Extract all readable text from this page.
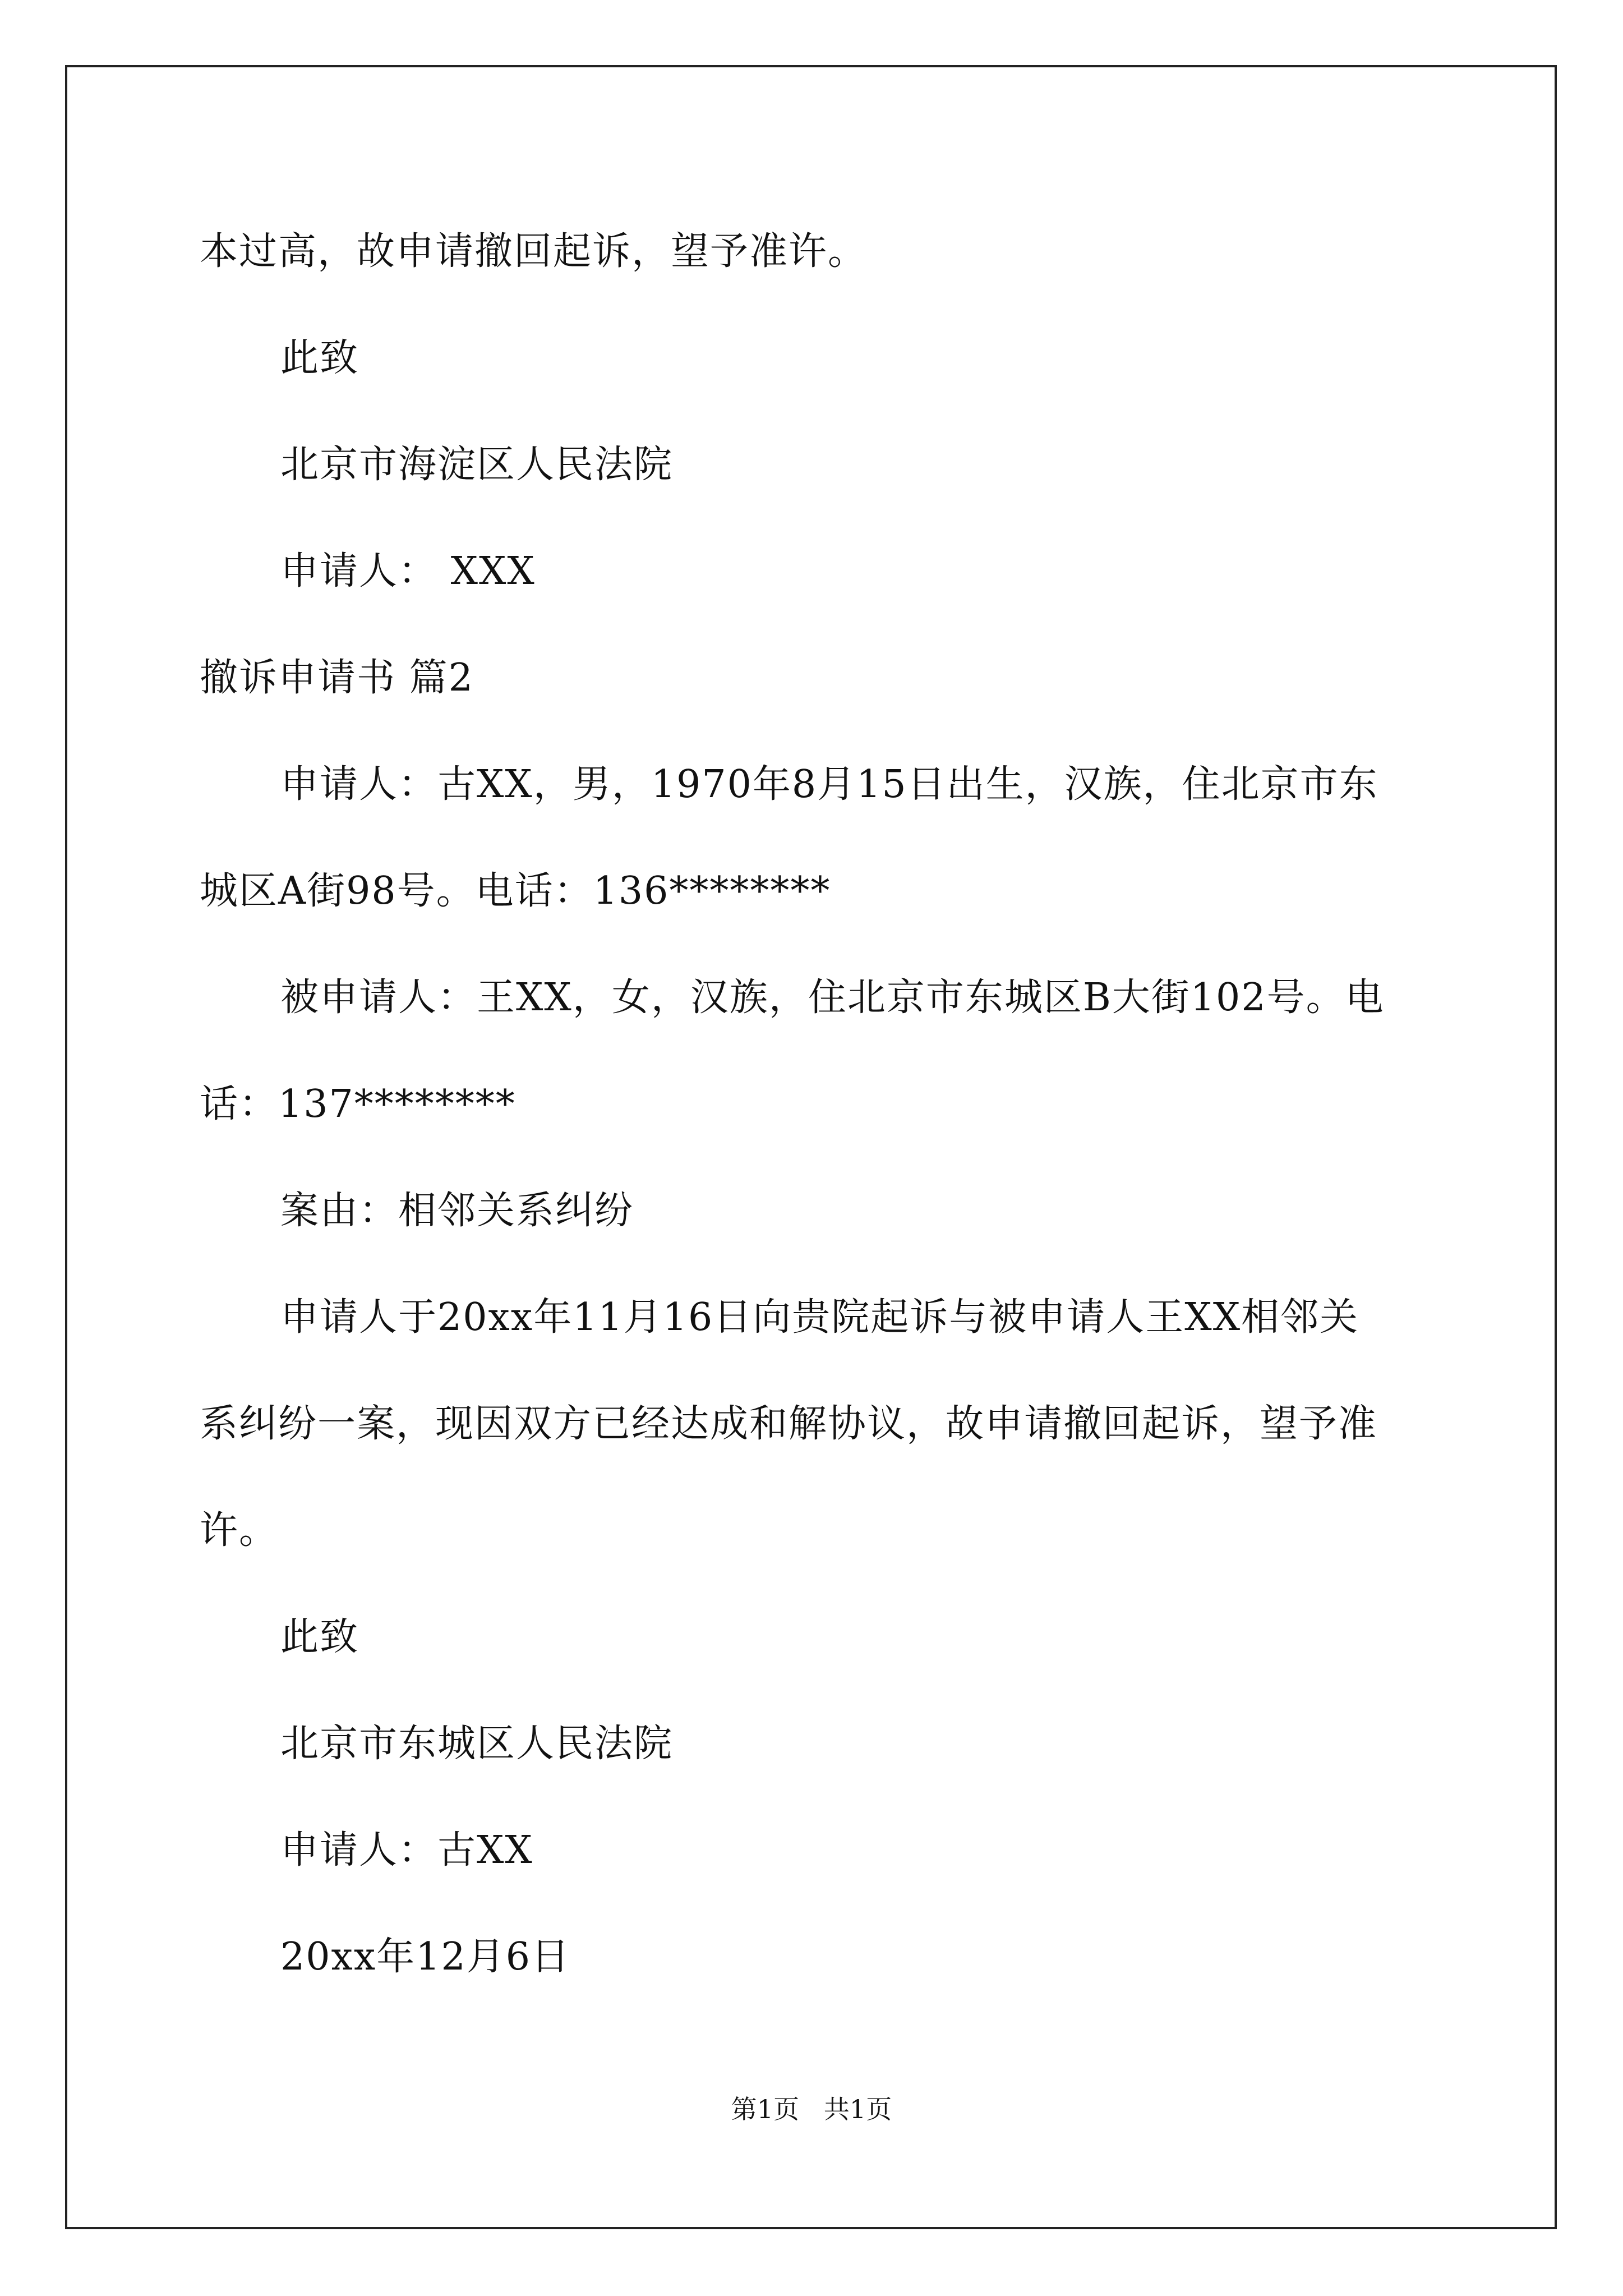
本过高，故申请撤回起诉，望予准许。
此致
北京市海淀区人民法院
申请人： XXX
撤诉申请书 篇2
申请人：古XX，男，1970年8月15日出生，汉族，住北京市东
城区A街98号。电话：136********
被申请人：王XX，女，汉族，住北京市东城区B大街102号。电
话：137********
案由：相邻关系纠纷
申请人于20xx年11月16日向贵院起诉与被申请人王XX相邻关
系纠纷一案，现因双方已经达成和解协议，故申请撤回起诉，望予准
许。
此致
北京市东城区人民法院
申请人：古XX
20xx年12月6日
第1页   共1页
